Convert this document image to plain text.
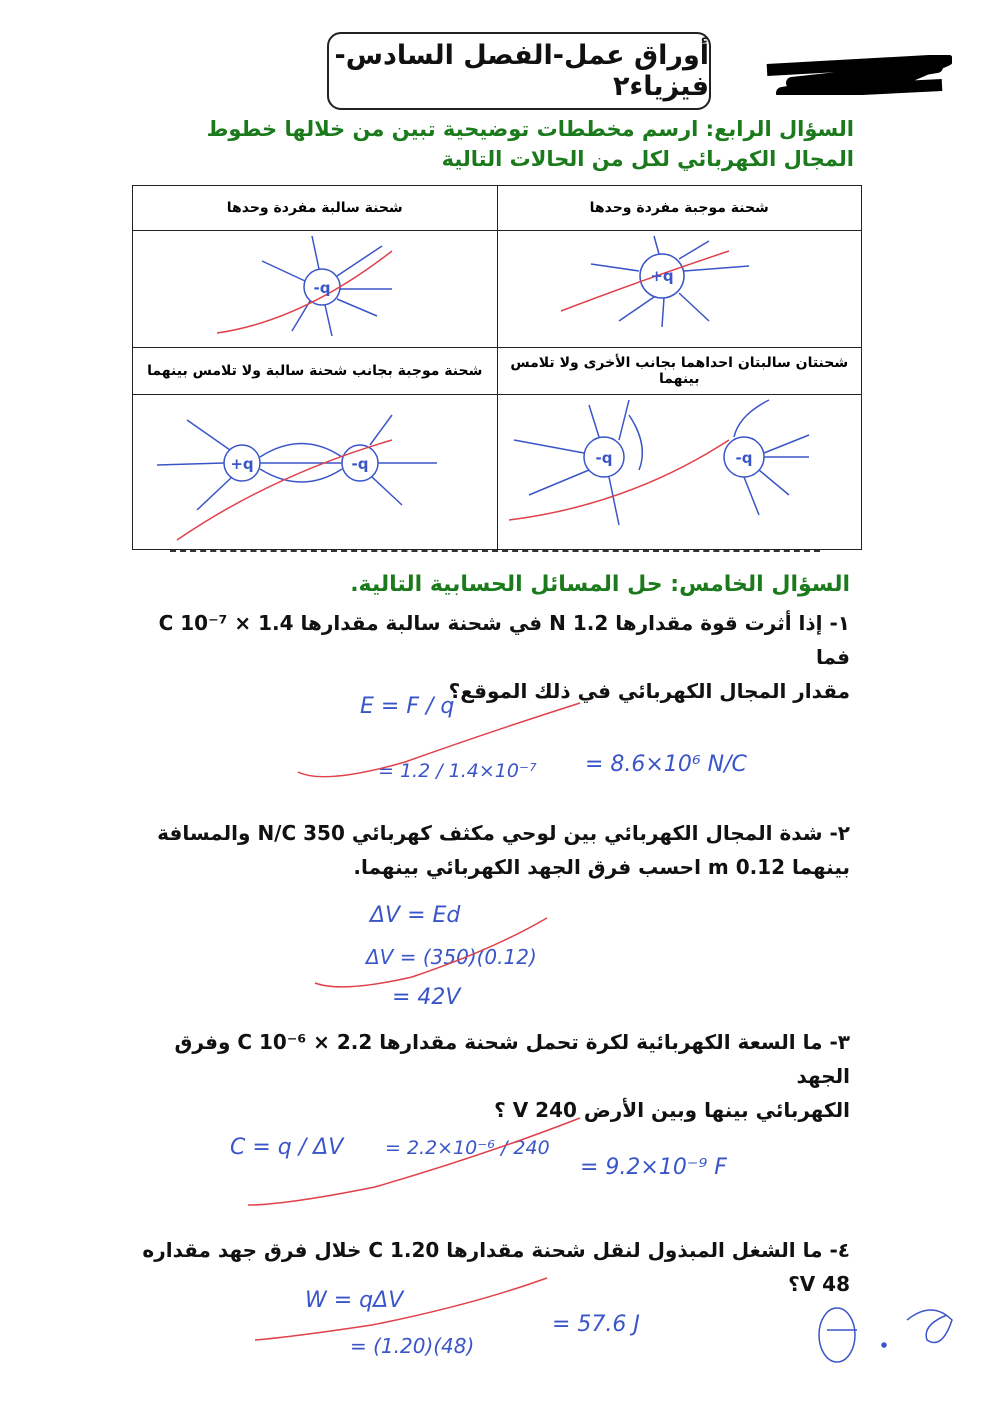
أوراق عمل-الفصل السادس-فيزياء٢
السؤال الرابع: ارسم مخططات توضيحية تبين من خلالها خطوط المجال الكهربائي لكل من الحالات التالية
شحنة سالبة مفردة وحدها	شحنة موجبة مفردة وحدها

q-	q+

شحنة موجبة بجانب شحنة سالبة ولا تلامس بينهما	شحنتان سالبتان احداهما بجانب الأخرى ولا تلامس بينهما

q+ q-	q- q-
السؤال الخامس: حل المسائل الحسابية التالية.
١- إذا أثرت قوة مقدارها 1.2 N في شحنة سالبة مقدارها C 10⁻⁷ × 1.4 فما
مقدار المجال الكهربائي في ذلك الموقع؟
E = F / q
= 1.2 / 1.4×10⁻⁷ = 8.6×10⁶ N/C
٢- شدة المجال الكهربائي بين لوحي مكثف كهربائي 350 N/C والمسافة
بينهما 0.12 m احسب فرق الجهد الكهربائي بينهما.
ΔV = Ed
ΔV = (350)(0.12)
= 42V
٣- ما السعة الكهربائية لكرة تحمل شحنة مقدارها C 10⁻⁶ × 2.2 وفرق الجهد
الكهربائي بينها وبين الأرض 240 V ؟
C = q / ΔV = 2.2×10⁻⁶ / 240
= 9.2×10⁻⁹ F
٤- ما الشغل المبذول لنقل شحنة مقدارها 1.20 C خلال فرق جهد مقداره 48 V؟
W = qΔV
= (1.20)(48)
= 57.6 J
